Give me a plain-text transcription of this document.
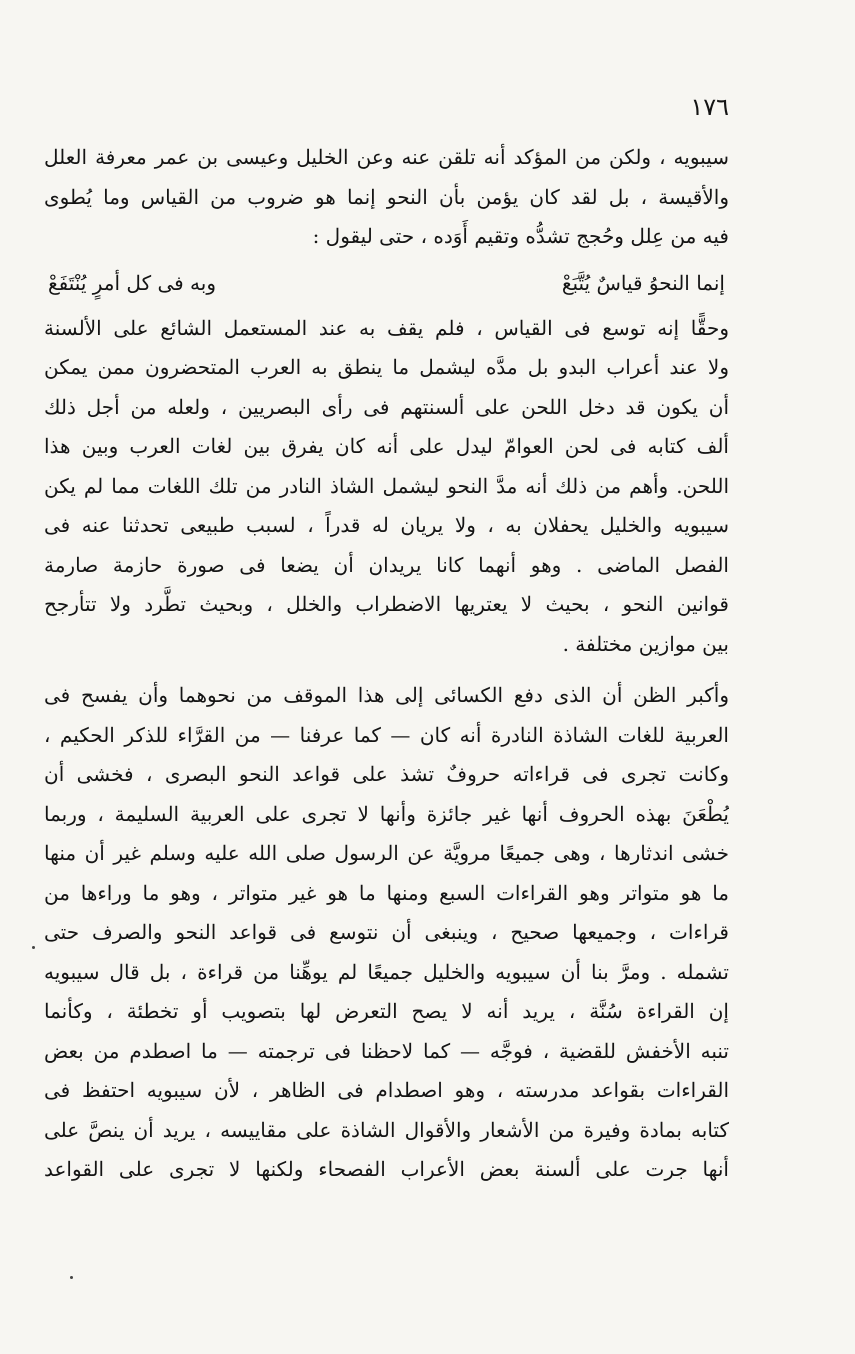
١٧٦
سيبويه ، ولكن من المؤكد أنه تلقن عنه وعن الخليل وعيسى بن عمر معرفة العلل
والأقيسة ، بل لقد كان يؤمن بأن النحو إنما هو ضروب من القياس وما يُطوى
فيه من عِلل وحُجج تشدُّه وتقيم أَوَده ، حتى ليقول :
إنما النحوُ قياسٌ يُتَّبَعْ
وبه فى كل أمرٍ يُنْتَفَعْ
وحقًّا إنه توسع فى القياس ، فلم يقف به عند المستعمل الشائع على الألسنة
ولا عند أعراب البدو بل مدَّه ليشمل ما ينطق به العرب المتحضرون ممن يمكن
أن يكون قد دخل اللحن على ألسنتهم فى رأى البصريين ، ولعله من أجل ذلك
ألف كتابه فى لحن العوامّ ليدل على أنه كان يفرق بين لغات العرب وبين هذا
اللحن. وأهم من ذلك أنه مدَّ النحو ليشمل الشاذ النادر من تلك اللغات مما لم يكن
سيبويه والخليل يحفلان به ، ولا يريان له قدراً ، لسبب طبيعى تحدثنا عنه فى
الفصل الماضى . وهو أنهما كانا يريدان أن يضعا فى صورة حازمة صارمة
قوانين النحو ، بحيث لا يعتريها الاضطراب والخلل ، وبحيث تطَّرد ولا تتأرجح
بين موازين مختلفة .
وأكبر الظن أن الذى دفع الكسائى إلى هذا الموقف من نحوهما وأن يفسح فى
العربية للغات الشاذة النادرة أنه كان — كما عرفنا — من القرَّاء للذكر الحكيم ،
وكانت تجرى فى قراءاته حروفٌ تشذ على قواعد النحو البصرى ، فخشى أن
يُطْعَنَ بهذه الحروف أنها غير جائزة وأنها لا تجرى على العربية السليمة ، وربما
خشى اندثارها ، وهى جميعًا مرويَّة عن الرسول صلى الله عليه وسلم غير أن منها
ما هو متواتر وهو القراءات السبع ومنها ما هو غير متواتر ، وهو ما وراءها من
قراءات ، وجميعها صحيح ، وينبغى أن نتوسع فى قواعد النحو والصرف حتى
تشمله . ومرَّ بنا أن سيبويه والخليل جميعًا لم يوهِّنا من قراءة ، بل قال سيبويه
إن القراءة سُنَّة ، يريد أنه لا يصح التعرض لها بتصويب أو تخطئة ، وكأنما
تنبه الأخفش للقضية ، فوجَّه — كما لاحظنا فى ترجمته — ما اصطدم من بعض
القراءات بقواعد مدرسته ، وهو اصطدام فى الظاهر ، لأن سيبويه احتفظ فى
كتابه بمادة وفيرة من الأشعار والأقوال الشاذة على مقاييسه ، يريد أن ينصَّ على
أنها جرت على ألسنة بعض الأعراب الفصحاء ولكنها لا تجرى على القواعد
